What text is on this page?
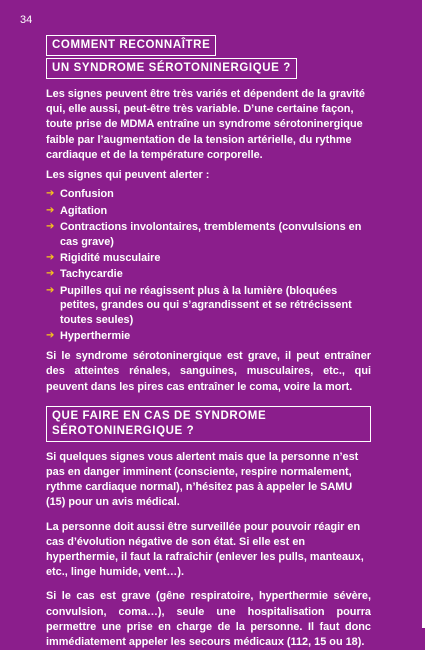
34
COMMENT RECONNAÎTRE
UN SYNDROME SÉROTONINERGIQUE ?

Les signes peuvent être très variés et dépendent de la gravité qui, elle aussi, peut-être très variable. D’une certaine façon, toute prise de MDMA entraîne un syndrome sérotoninergique faible par l’augmentation de la tension artérielle, du rythme cardiaque et de la température corporelle.

Les signes qui peuvent alerter :

➔ Confusion
➔ Agitation
➔ Contractions involontaires, tremblements (convulsions en cas grave)
➔ Rigidité musculaire
➔ Tachycardie
➔ Pupilles qui ne réagissent plus à la lumière (bloquées petites, grandes ou qui s’agrandissent et se rétrécissent toutes seules)
➔ Hyperthermie

Si le syndrome sérotoninergique est grave, il peut entraîner des atteintes rénales, sanguines, musculaires, etc., qui peuvent dans les pires cas entraîner le coma, voire la mort.

QUE FAIRE EN CAS DE SYNDROME SÉROTONINERGIQUE ?

Si quelques signes vous alertent mais que la personne n’est pas en danger imminent (consciente, respire normalement, rythme cardiaque normal), n’hésitez pas à appeler le SAMU (15) pour un avis médical.

La personne doit aussi être surveillée pour pouvoir réagir en cas d’évolution négative de son état. Si elle est en hyperthermie, il faut la rafraîchir (enlever les pulls, manteaux, etc., linge humide, vent…).

Si le cas est grave (gêne respiratoire, hyperthermie sévère, convulsion, coma…), seule une hospitalisation pourra permettre une prise en charge de la personne. Il faut donc immédiatement appeler les secours médicaux (112, 15 ou 18).
